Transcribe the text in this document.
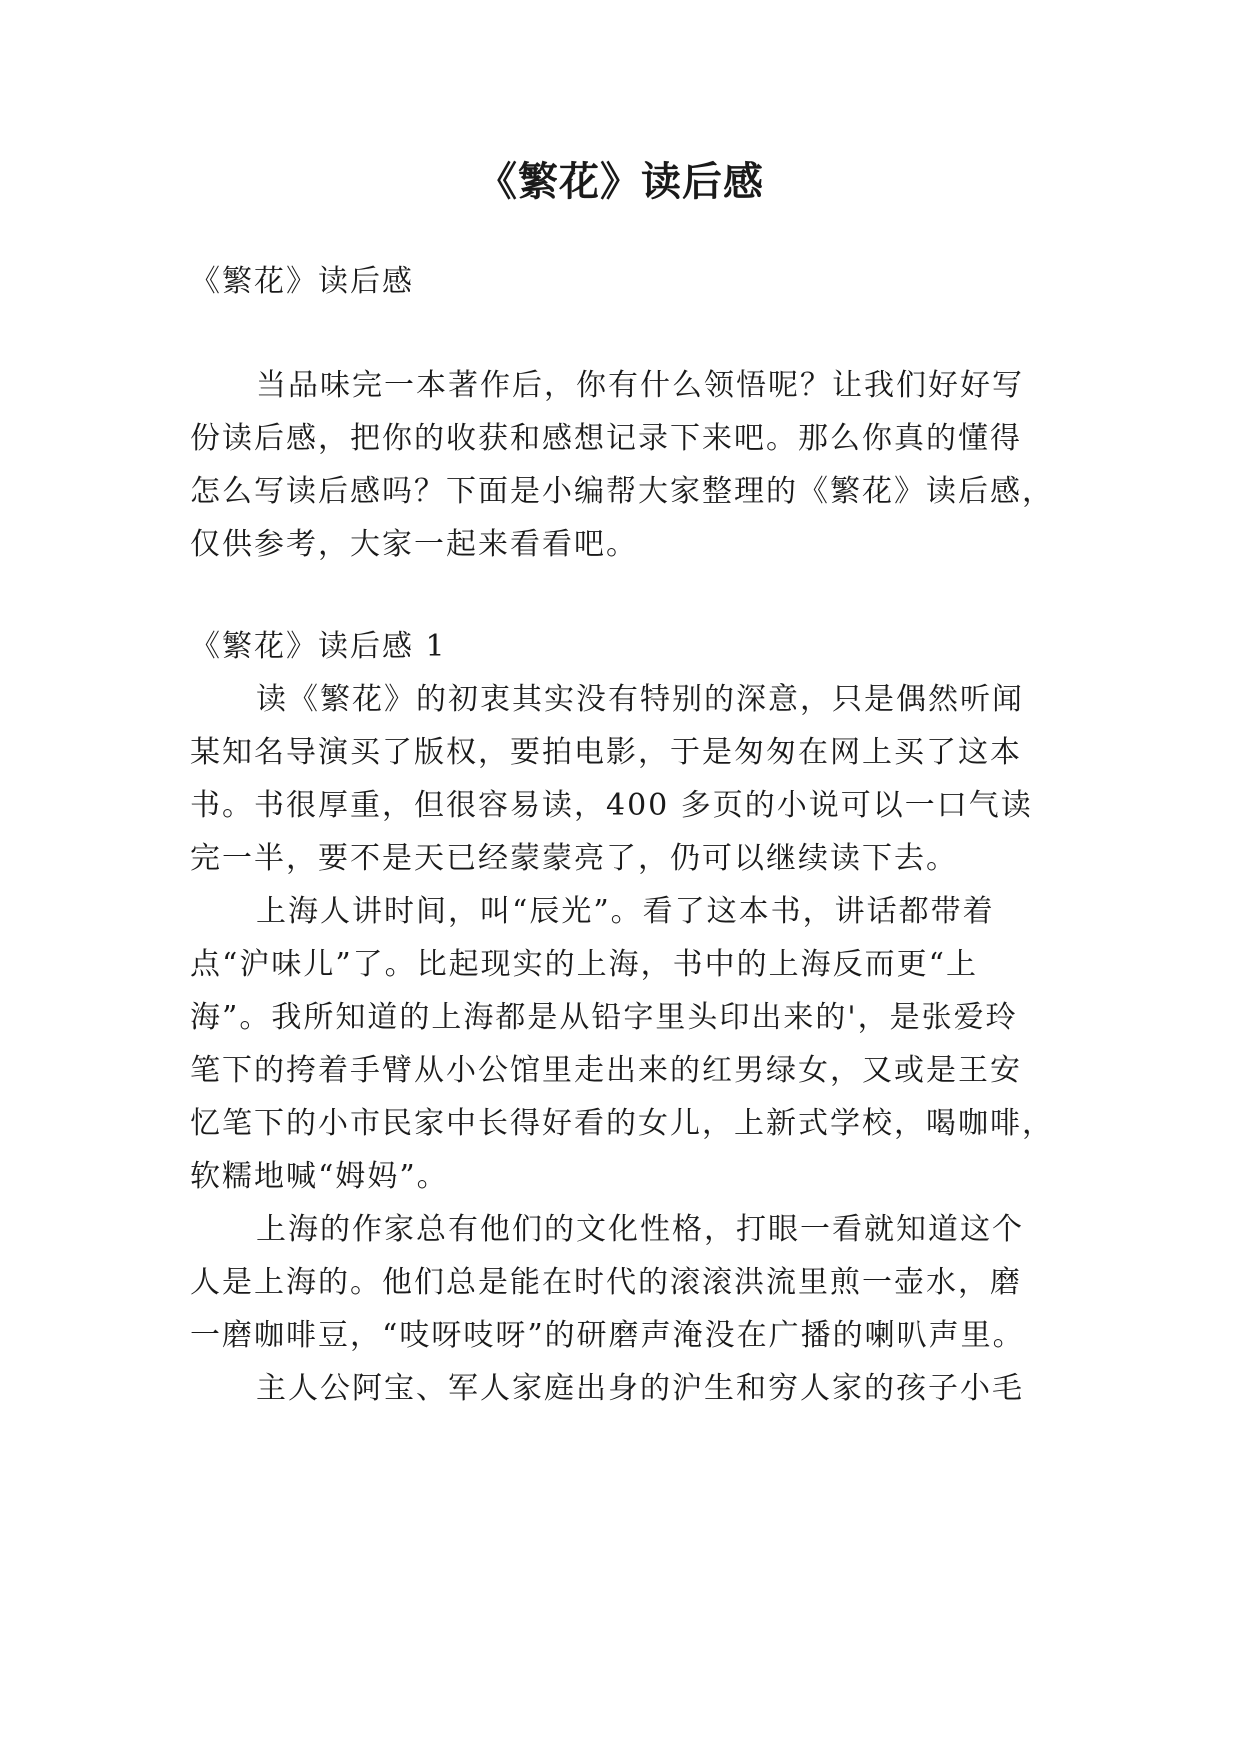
《繁花》读后感
《繁花》读后感
当品味完一本著作后，你有什么领悟呢？让我们好好写
份读后感，把你的收获和感想记录下来吧。那么你真的懂得
怎么写读后感吗？下面是小编帮大家整理的《繁花》读后感，
仅供参考，大家一起来看看吧。
《繁花》读后感 1
读《繁花》的初衷其实没有特别的深意，只是偶然听闻
某知名导演买了版权，要拍电影，于是匆匆在网上买了这本
书。书很厚重，但很容易读，400 多页的小说可以一口气读
完一半，要不是天已经蒙蒙亮了，仍可以继续读下去。
上海人讲时间，叫“辰光”。看了这本书，讲话都带着
点“沪味儿”了。比起现实的上海，书中的上海反而更“上
海”。我所知道的上海都是从铅字里头印出来的'，是张爱玲
笔下的挎着手臂从小公馆里走出来的红男绿女，又或是王安
忆笔下的小市民家中长得好看的女儿，上新式学校，喝咖啡，
软糯地喊“姆妈”。
上海的作家总有他们的文化性格，打眼一看就知道这个
人是上海的。他们总是能在时代的滚滚洪流里煎一壶水，磨
一磨咖啡豆，“吱呀吱呀”的研磨声淹没在广播的喇叭声里。
主人公阿宝、军人家庭出身的沪生和穷人家的孩子小毛
